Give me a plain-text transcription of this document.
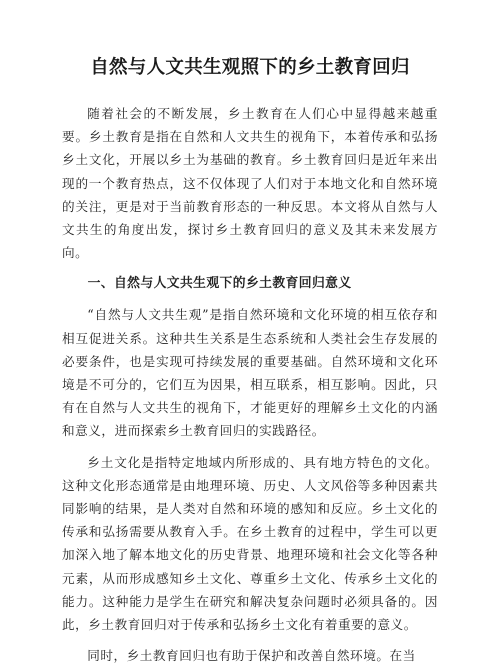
自然与人文共生观照下的乡土教育回归

随着社会的不断发展，乡土教育在人们心中显得越来越重要。乡土教育是指在自然和人文共生的视角下，本着传承和弘扬乡土文化，开展以乡土为基础的教育。乡土教育回归是近年来出现的一个教育热点，这不仅体现了人们对于本地文化和自然环境的关注，更是对于当前教育形态的一种反思。本文将从自然与人文共生的角度出发，探讨乡土教育回归的意义及其未来发展方向。

一、自然与人文共生观下的乡土教育回归意义

“自然与人文共生观”是指自然环境和文化环境的相互依存和相互促进关系。这种共生关系是生态系统和人类社会生存发展的必要条件，也是实现可持续发展的重要基础。自然环境和文化环境是不可分的，它们互为因果，相互联系，相互影响。因此，只有在自然与人文共生的视角下，才能更好的理解乡土文化的内涵和意义，进而探索乡土教育回归的实践路径。

乡土文化是指特定地域内所形成的、具有地方特色的文化。这种文化形态通常是由地理环境、历史、人文风俗等多种因素共同影响的结果，是人类对自然和环境的感知和反应。乡土文化的传承和弘扬需要从教育入手。在乡土教育的过程中，学生可以更加深入地了解本地文化的历史背景、地理环境和社会文化等各种元素，从而形成感知乡土文化、尊重乡土文化、传承乡土文化的能力。这种能力是学生在研究和解决复杂问题时必须具备的。因此，乡土教育回归对于传承和弘扬乡土文化有着重要的意义。

同时，乡土教育回归也有助于保护和改善自然环境。在当
